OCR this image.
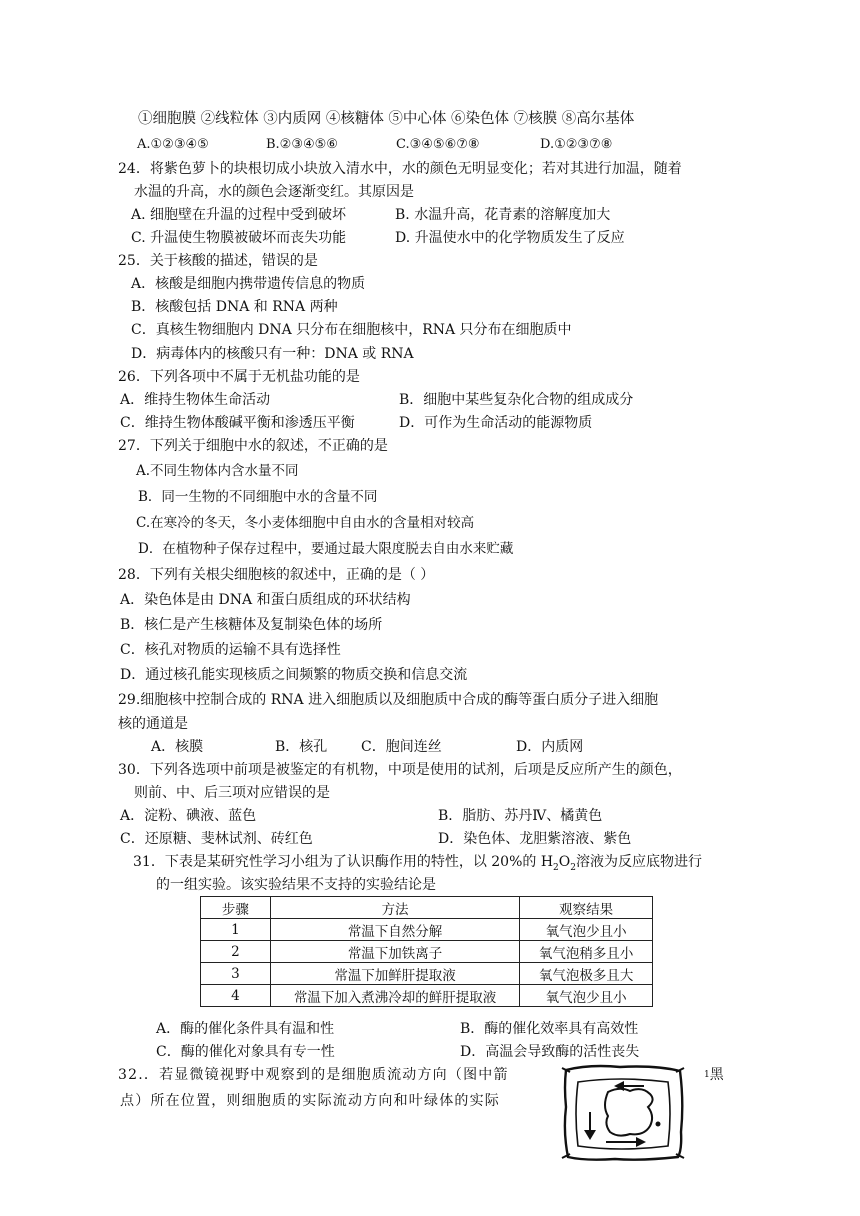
①细胞膜 ②线粒体 ③内质网 ④核糖体 ⑤中心体 ⑥染色体 ⑦核膜 ⑧高尔基体
A.①②③④⑤	B.②③④⑤⑥	C.③④⑤⑥⑦⑧	D.①②③⑦⑧
24．将紫色萝卜的块根切成小块放入清水中，水的颜色无明显变化；若对其进行加温，随着
水温的升高，水的颜色会逐渐变红。其原因是
A. 细胞壁在升温的过程中受到破坏	B. 水温升高，花青素的溶解度加大
C. 升温使生物膜被破坏而丧失功能	D. 升温使水中的化学物质发生了反应
25．关于核酸的描述，错误的是
A．核酸是细胞内携带遗传信息的物质
B．核酸包括 DNA 和 RNA 两种
C．真核生物细胞内 DNA 只分布在细胞核中，RNA 只分布在细胞质中
D．病毒体内的核酸只有一种：DNA 或 RNA
26．下列各项中不属于无机盐功能的是
A．维持生物体生命活动	B．细胞中某些复杂化合物的组成成分
C．维持生物体酸碱平衡和渗透压平衡	D．可作为生命活动的能源物质
27．下列关于细胞中水的叙述，不正确的是
A.不同生物体内含水量不同
B．同一生物的不同细胞中水的含量不同
C.在寒冷的冬天，冬小麦体细胞中自由水的含量相对较高
D．在植物种子保存过程中，要通过最大限度脱去自由水来贮藏
28．下列有关根尖细胞核的叙述中，正确的是（ ）
A．染色体是由 DNA 和蛋白质组成的环状结构
B．核仁是产生核糖体及复制染色体的场所
C．核孔对物质的运输不具有选择性
D．通过核孔能实现核质之间频繁的物质交换和信息交流
29.细胞核中控制合成的 RNA 进入细胞质以及细胞质中合成的酶等蛋白质分子进入细胞
核的通道是
A．核膜	B．核孔 C．胞间连丝	D．内质网
30．下列各选项中前项是被鉴定的有机物，中项是使用的试剂，后项是反应所产生的颜色，
则前、中、后三项对应错误的是
A．淀粉、碘液、蓝色	B．脂肪、苏丹Ⅳ、橘黄色
C．还原糖、斐林试剂、砖红色	D．染色体、龙胆紫溶液、紫色
31．下表是某研究性学习小组为了认识酶作用的特性，以 20%的 $H_2O_2$溶液为反应底物进行
的一组实验。该实验结果不支持的实验结论是
步骤	方法	观察结果
1	常温下自然分解	氧气泡少且小
2	常温下加铁离子	氧气泡稍多且小
3	常温下加鲜肝提取液	氧气泡极多且大
4	常温下加入煮沸冷却的鲜肝提取液	氧气泡少且小
A．酶的催化条件具有温和性	B．酶的催化效率具有高效性
C．酶的催化对象具有专一性	D．高温会导致酶的活性丧失
32.．若显微镜视野中观察到的是细胞质流动方向（图中箭	$^1$黑
点）所在位置，则细胞质的实际流动方向和叶绿体的实际
